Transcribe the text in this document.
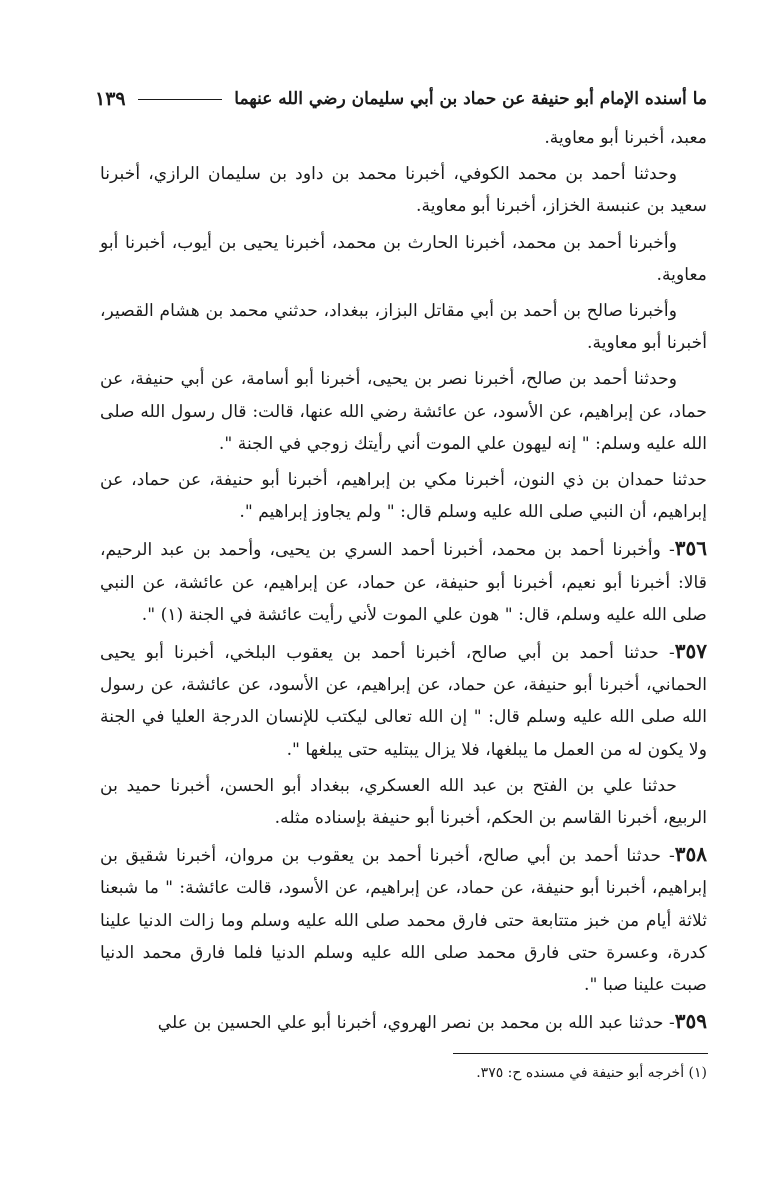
ما أسنده الإمام أبو حنيفة عن حماد بن أبي سليمان رضي الله عنهما
١٣٩

معبد، أخبرنا أبو معاوية.

وحدثنا أحمد بن محمد الكوفي، أخبرنا محمد بن داود بن سليمان الرازي، أخبرنا سعيد بن عنبسة الخزاز، أخبرنا أبو معاوية.

وأخبرنا أحمد بن محمد، أخبرنا الحارث بن محمد، أخبرنا يحيى بن أيوب، أخبرنا أبو معاوية.

وأخبرنا صالح بن أحمد بن أبي مقاتل البزاز، ببغداد، حدثني محمد بن هشام القصير، أخبرنا أبو معاوية.

وحدثنا أحمد بن صالح، أخبرنا نصر بن يحيى، أخبرنا أبو أسامة، عن أبي حنيفة، عن حماد، عن إبراهيم، عن الأسود، عن عائشة رضي الله عنها، قالت: قال رسول الله صلى الله عليه وسلم: " إنه ليهون علي الموت أني رأيتك زوجي في الجنة ".

حدثنا حمدان بن ذي النون، أخبرنا مكي بن إبراهيم، أخبرنا أبو حنيفة، عن حماد، عن إبراهيم، أن النبي صلى الله عليه وسلم قال: " ولم يجاوز إبراهيم ".

٣٥٦- وأخبرنا أحمد بن محمد، أخبرنا أحمد السري بن يحيى، وأحمد بن عبد الرحيم، قالا: أخبرنا أبو نعيم، أخبرنا أبو حنيفة، عن حماد، عن إبراهيم، عن عائشة، عن النبي صلى الله عليه وسلم، قال: " هون علي الموت لأني رأيت عائشة في الجنة (١) ".

٣٥٧- حدثنا أحمد بن أبي صالح، أخبرنا أحمد بن يعقوب البلخي، أخبرنا أبو يحيى الحماني، أخبرنا أبو حنيفة، عن حماد، عن إبراهيم، عن الأسود، عن عائشة، عن رسول الله صلى الله عليه وسلم قال: " إن الله تعالى ليكتب للإنسان الدرجة العليا في الجنة ولا يكون له من العمل ما يبلغها، فلا يزال يبتليه حتى يبلغها ".

حدثنا علي بن الفتح بن عبد الله العسكري، ببغداد أبو الحسن، أخبرنا حميد بن الربيع، أخبرنا القاسم بن الحكم، أخبرنا أبو حنيفة بإسناده مثله.

٣٥٨- حدثنا أحمد بن أبي صالح، أخبرنا أحمد بن يعقوب بن مروان، أخبرنا شقيق بن إبراهيم، أخبرنا أبو حنيفة، عن حماد، عن إبراهيم، عن الأسود، قالت عائشة: " ما شبعنا ثلاثة أيام من خبز متتابعة حتى فارق محمد صلى الله عليه وسلم وما زالت الدنيا علينا كدرة، وعسرة حتى فارق محمد صلى الله عليه وسلم الدنيا فلما فارق محمد الدنيا صبت علينا صبا ".

٣٥٩- حدثنا عبد الله بن محمد بن نصر الهروي، أخبرنا أبو علي الحسين بن علي

(١) أخرجه أبو حنيفة في مسنده ح: ٣٧٥.
